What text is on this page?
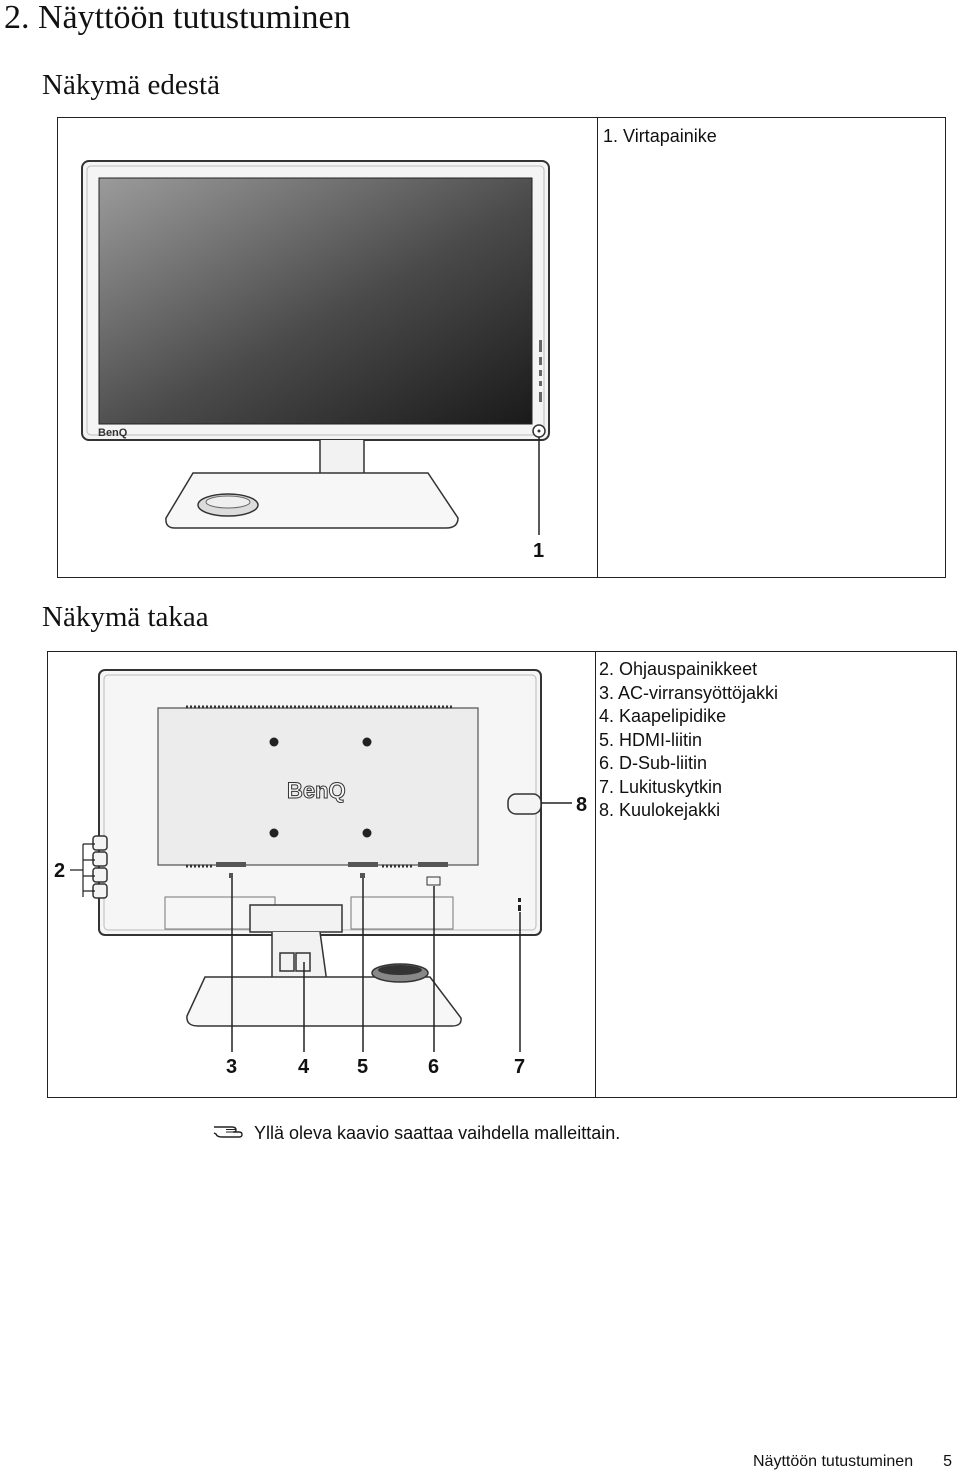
2. Näyttöön tutustuminen
Näkymä edestä
1. Virtapainike
Näkymä takaa
2. Ohjauspainikkeet
3. AC-virransyöttöjakki
4. Kaapelipidike
5. HDMI-liitin
6. D-Sub-liitin
7. Lukituskytkin
8. Kuulokejakki
BenQ
1
BenQ
2
3	4 5	6	7
8
Yllä oleva kaavio saattaa vaihdella malleittain.
Näyttöön tutustuminen 5
